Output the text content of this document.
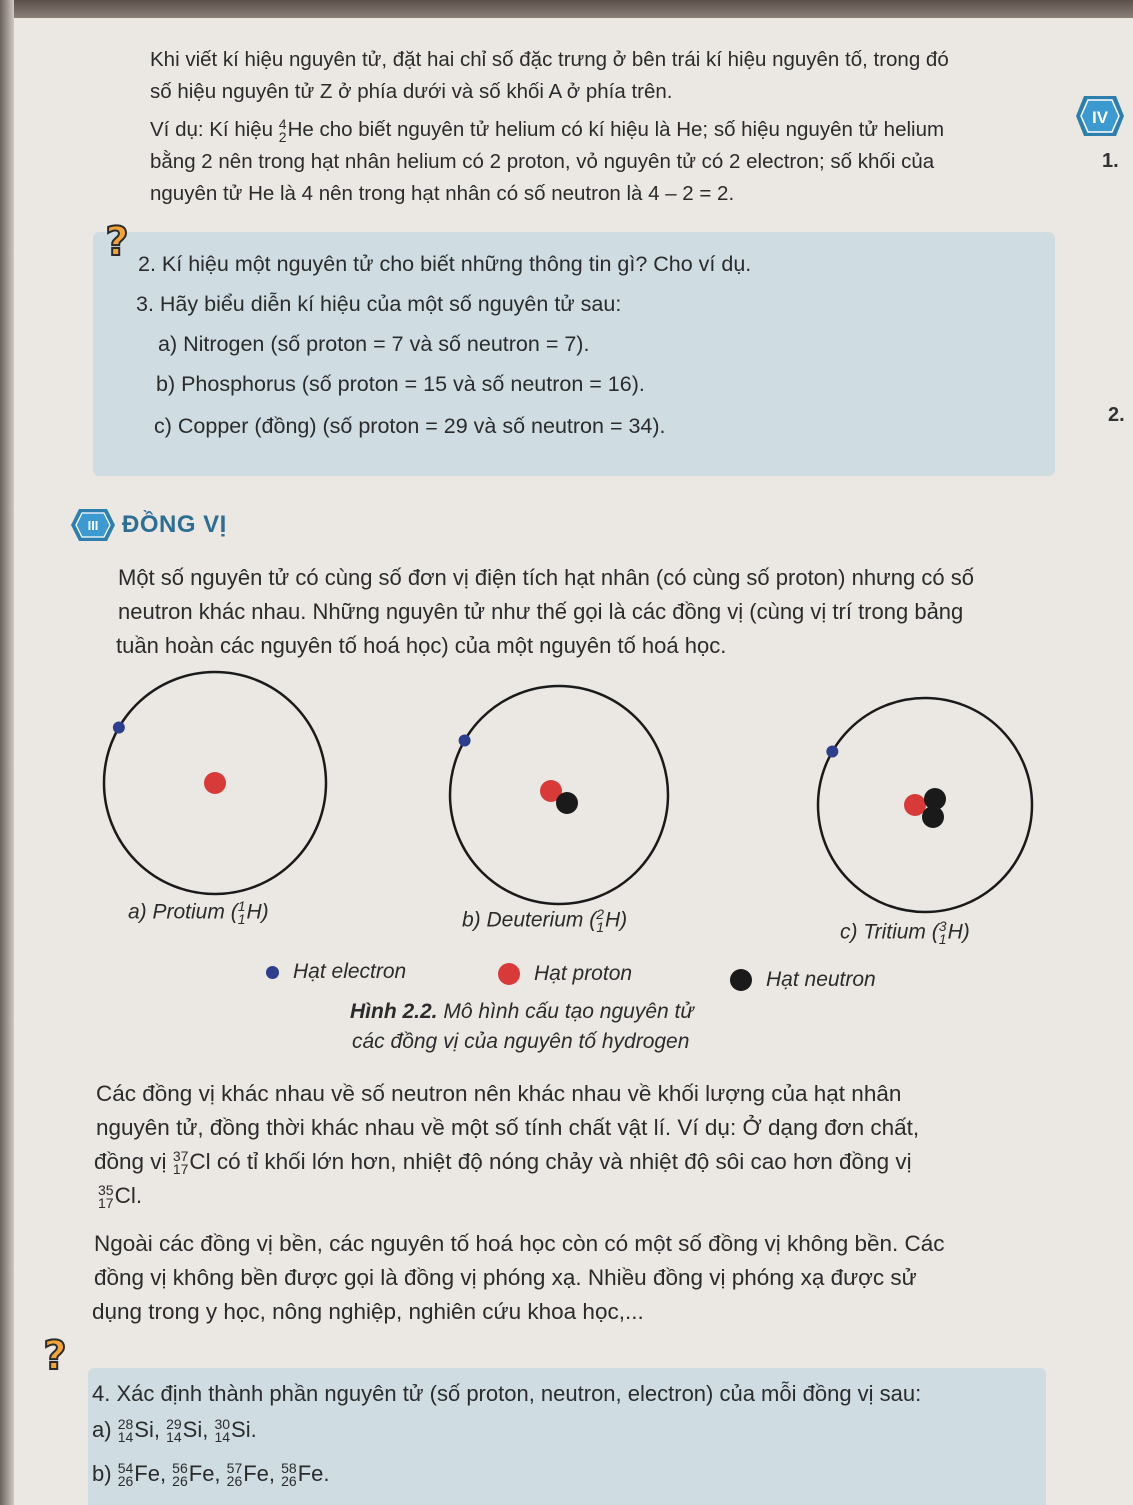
Khi viết kí hiệu nguyên tử, đặt hai chỉ số đặc trưng ở bên trái kí hiệu nguyên tố, trong đó
số hiệu nguyên tử Z ở phía dưới và số khối A ở phía trên.
Ví dụ: Kí hiệu 4
2 He cho biết nguyên tử helium có kí hiệu là He; số hiệu nguyên tử helium
bằng 2 nên trong hạt nhân helium có 2 proton, vỏ nguyên tử có 2 electron; số khối của
nguyên tử He là 4 nên trong hạt nhân có số neutron là 4 – 2 = 2.
IV
1.
2.
? 2. Kí hiệu một nguyên tử cho biết những thông tin gì? Cho ví dụ.
3. Hãy biểu diễn kí hiệu của một số nguyên tử sau:
a) Nitrogen (số proton = 7 và số neutron = 7).
b) Phosphorus (số proton = 15 và số neutron = 16).
c) Copper (đồng) (số proton = 29 và số neutron = 34).
III ĐỒNG VỊ
Một số nguyên tử có cùng số đơn vị điện tích hạt nhân (có cùng số proton) nhưng có số
neutron khác nhau. Những nguyên tử như thế gọi là các đồng vị (cùng vị trí trong bảng
tuần hoàn các nguyên tố hoá học) của một nguyên tố hoá học.
a) Protium ( 1
1 H)	b) Deuterium ( 2
1 H)
c) Tritium ( 3
1 H)
Hạt electron	Hạt proton	Hạt neutron
Hình 2.2. Mô hình cấu tạo nguyên tử
các đồng vị của nguyên tố hydrogen
Các đồng vị khác nhau về số neutron nên khác nhau về khối lượng của hạt nhân
nguyên tử, đồng thời khác nhau về một số tính chất vật lí. Ví dụ: Ở dạng đơn chất,
đồng vị 37
17 Cl có tỉ khối lớn hơn, nhiệt độ nóng chảy và nhiệt độ sôi cao hơn đồng vị
35
17 Cl.
Ngoài các đồng vị bền, các nguyên tố hoá học còn có một số đồng vị không bền. Các
đồng vị không bền được gọi là đồng vị phóng xạ. Nhiều đồng vị phóng xạ được sử
dụng trong y học, nông nghiệp, nghiên cứu khoa học,...
?
4. Xác định thành phần nguyên tử (số proton, neutron, electron) của mỗi đồng vị sau:
a) 28
14 Si, 29
14 Si, 30
14 Si.
b) 54
26 Fe, 56
26 Fe, 57
26 Fe, 58
26 Fe.
